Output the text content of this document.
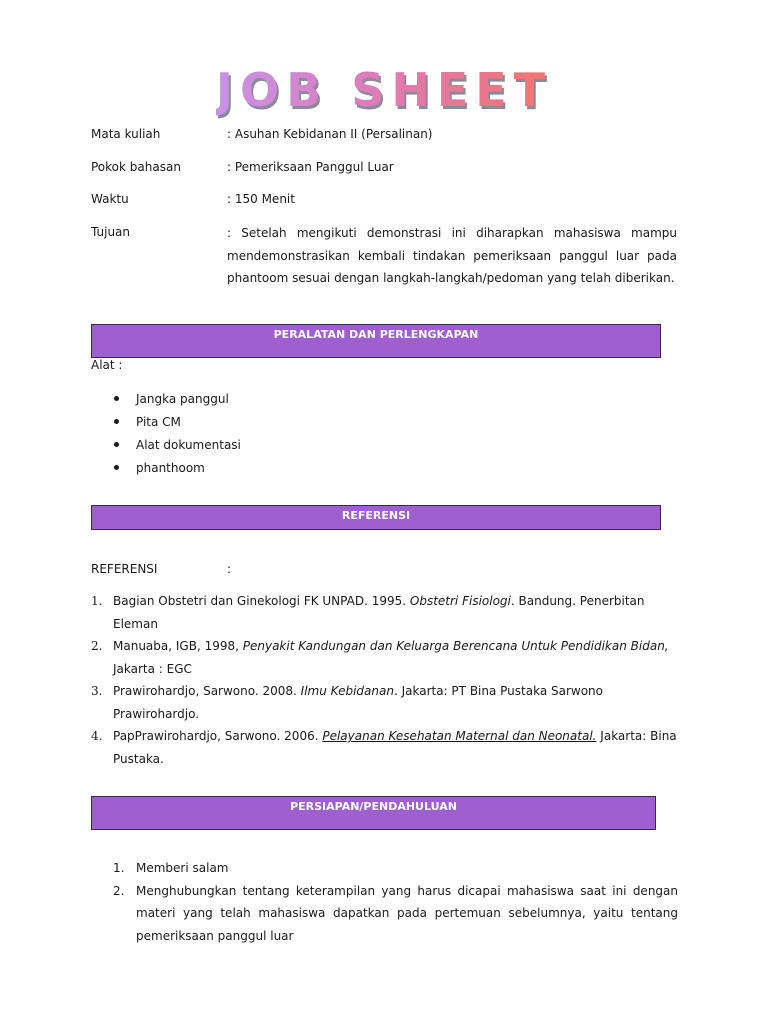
JOB SHEET
Mata kuliah	: Asuhan Kebidanan II (Persalinan)
Pokok bahasan	: Pemeriksaan Panggul Luar
Waktu	: 150 Menit
Tujuan	: Setelah mengikuti demonstrasi ini diharapkan mahasiswa mampu mendemonstrasikan kembali tindakan pemeriksaan panggul luar pada phantoom sesuai dengan langkah-langkah/pedoman yang telah diberikan.
PERALATAN DAN PERLENGKAPAN
Alat :
Jangka panggul
Pita CM
Alat dokumentasi
phanthoom
REFERENSI
REFERENSI	:
1. Bagian Obstetri dan Ginekologi FK UNPAD. 1995. Obstetri Fisiologi. Bandung. Penerbitan Eleman
2. Manuaba, IGB, 1998, Penyakit Kandungan dan Keluarga Berencana Untuk Pendidikan Bidan, Jakarta : EGC
3. Prawirohardjo, Sarwono. 2008. Ilmu Kebidanan. Jakarta: PT Bina Pustaka Sarwono Prawirohardjo.
4. PapPrawirohardjo, Sarwono. 2006. Pelayanan Kesehatan Maternal dan Neonatal. Jakarta: Bina Pustaka.
PERSIAPAN/PENDAHULUAN
1. Memberi salam
2. Menghubungkan tentang keterampilan yang harus dicapai mahasiswa saat ini dengan materi yang telah mahasiswa dapatkan pada pertemuan sebelumnya, yaitu tentang pemeriksaan panggul luar
